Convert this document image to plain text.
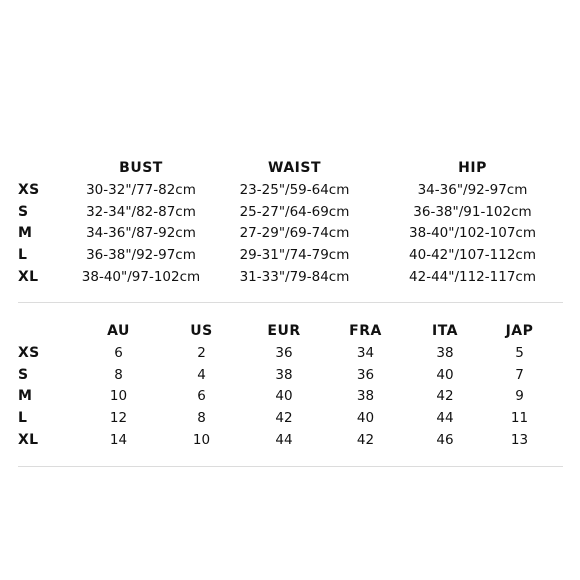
	BUST	WAIST	HIP
XS	30-32"/77-82cm	23-25"/59-64cm	34-36"/92-97cm
S	32-34"/82-87cm	25-27"/64-69cm	36-38"/91-102cm
M	34-36"/87-92cm	27-29"/69-74cm	38-40"/102-107cm
L	36-38"/92-97cm	29-31"/74-79cm	40-42"/107-112cm
XL	38-40"/97-102cm	31-33"/79-84cm	42-44"/112-117cm
	AU	US	EUR	FRA	ITA	JAP
XS	6	2	36	34	38	5
S	8	4	38	36	40	7
M	10	6	40	38	42	9
L	12	8	42	40	44	11
XL	14	10	44	42	46	13
